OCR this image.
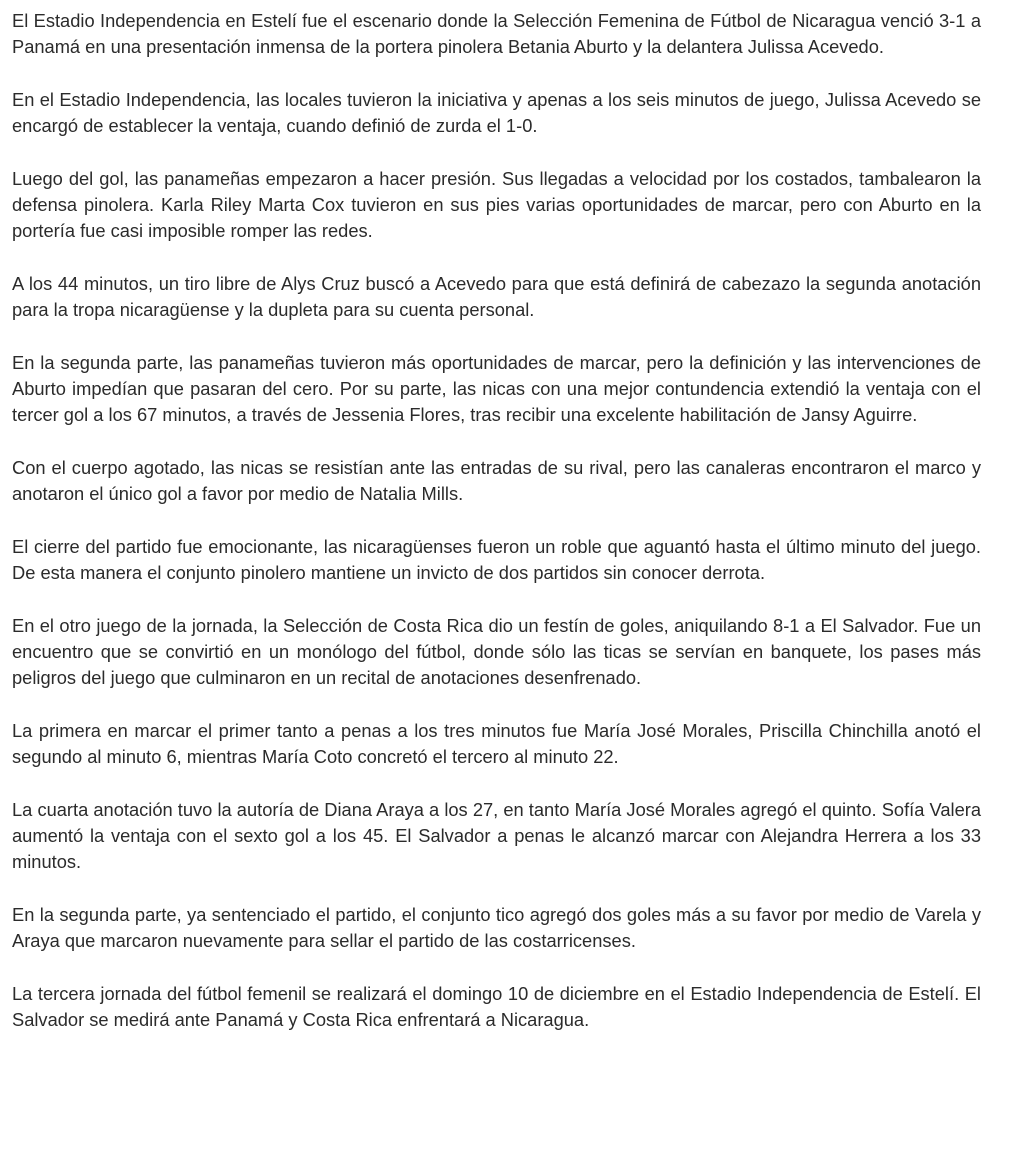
El Estadio Independencia en Estelí fue el escenario donde la Selección Femenina de Fútbol de Nicaragua venció 3-1 a Panamá en una presentación inmensa de la portera pinolera Betania Aburto y la delantera Julissa Acevedo.

En el Estadio Independencia, las locales tuvieron la iniciativa y apenas a los seis minutos de juego, Julissa Acevedo se encargó de establecer la ventaja, cuando definió de zurda el 1-0.

Luego del gol, las panameñas empezaron a hacer presión. Sus llegadas a velocidad por los costados, tambalearon la defensa pinolera. Karla Riley Marta Cox tuvieron en sus pies varias oportunidades de marcar, pero con Aburto en la portería fue casi imposible romper las redes.

A los 44 minutos, un tiro libre de Alys Cruz buscó a Acevedo para que está definirá de cabezazo la segunda anotación para la tropa nicaragüense y la dupleta para su cuenta personal.

En la segunda parte, las panameñas tuvieron más oportunidades de marcar, pero la definición y las intervenciones de Aburto impedían que pasaran del cero. Por su parte, las nicas con una mejor contundencia extendió la ventaja con el tercer gol a los 67 minutos, a través de Jessenia Flores, tras recibir una excelente habilitación de Jansy Aguirre.

Con el cuerpo agotado, las nicas se resistían ante las entradas de su rival, pero las canaleras encontraron el marco y anotaron el único gol a favor por medio de Natalia Mills.

El cierre del partido fue emocionante, las nicaragüenses fueron un roble que aguantó hasta el último minuto del juego. De esta manera el conjunto pinolero mantiene un invicto de dos partidos sin conocer derrota.

En el otro juego de la jornada, la Selección de Costa Rica dio un festín de goles, aniquilando 8-1 a El Salvador. Fue un encuentro que se convirtió en un monólogo del fútbol, donde sólo las ticas se servían en banquete, los pases más peligros del juego que culminaron en un recital de anotaciones desenfrenado.

La primera en marcar el primer tanto a penas a los tres minutos fue María José Morales, Priscilla Chinchilla anotó el segundo al minuto 6, mientras María Coto concretó el tercero al minuto 22.

La cuarta anotación tuvo la autoría de Diana Araya a los 27, en tanto María José Morales agregó el quinto. Sofía Valera aumentó la ventaja con el sexto gol a los 45. El Salvador a penas le alcanzó marcar con Alejandra Herrera a los 33 minutos.

En la segunda parte, ya sentenciado el partido, el conjunto tico agregó dos goles más a su favor por medio de Varela y Araya que marcaron nuevamente para sellar el partido de las costarricenses.

La tercera jornada del fútbol femenil se realizará el domingo 10 de diciembre en el Estadio Independencia de Estelí. El Salvador se medirá ante Panamá y Costa Rica enfrentará a Nicaragua.
